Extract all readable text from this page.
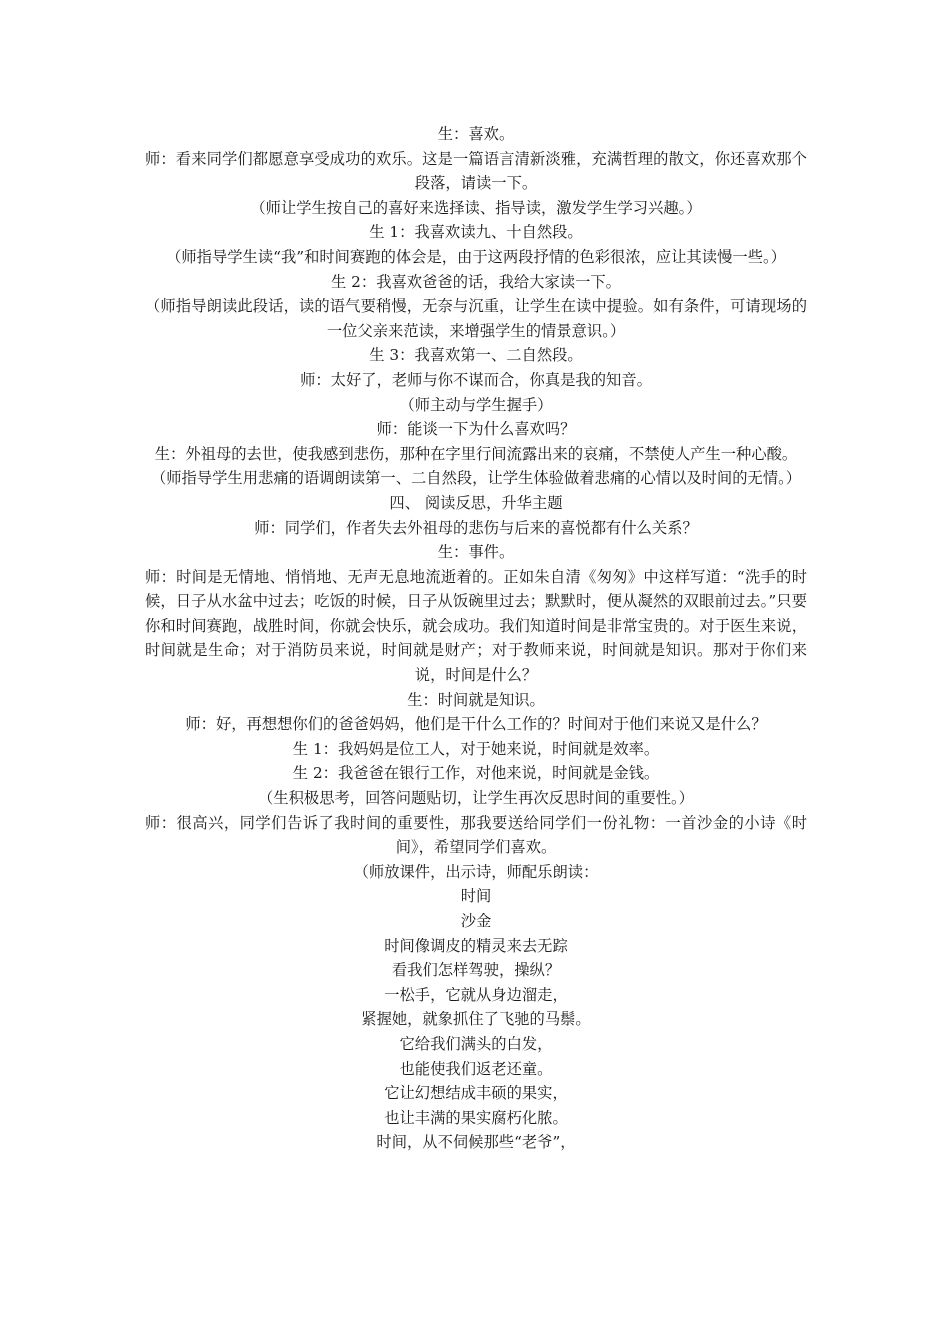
生：喜欢。

师：看来同学们都愿意享受成功的欢乐。这是一篇语言清新淡雅，充满哲理的散文，你还喜欢那个段落，请读一下。

（师让学生按自己的喜好来选择读、指导读，激发学生学习兴趣。）

生 1：我喜欢读九、十自然段。

（师指导学生读“我”和时间赛跑的体会是，由于这两段抒情的色彩很浓，应让其读慢一些。）

生 2：我喜欢爸爸的话，我给大家读一下。

（师指导朗读此段话，读的语气要稍慢，无奈与沉重，让学生在读中提验。如有条件，可请现场的一位父亲来范读，来增强学生的情景意识。）

生 3：我喜欢第一、二自然段。

师：太好了，老师与你不谋而合，你真是我的知音。

（师主动与学生握手）

师：能谈一下为什么喜欢吗？

生：外祖母的去世，使我感到悲伤，那种在字里行间流露出来的哀痛，不禁使人产生一种心酸。

（师指导学生用悲痛的语调朗读第一、二自然段，让学生体验做着悲痛的心情以及时间的无情。）

四、 阅读反思，升华主题

师：同学们，作者失去外祖母的悲伤与后来的喜悦都有什么关系？

生：事件。

师：时间是无情地、悄悄地、无声无息地流逝着的。正如朱自清《匆匆》中这样写道：“洗手的时候，日子从水盆中过去；吃饭的时候，日子从饭碗里过去；默默时，便从凝然的双眼前过去。”只要你和时间赛跑，战胜时间，你就会快乐，就会成功。我们知道时间是非常宝贵的。对于医生来说，时间就是生命；对于消防员来说，时间就是财产；对于教师来说，时间就是知识。那对于你们来说，时间是什么？

生：时间就是知识。

师：好，再想想你们的爸爸妈妈，他们是干什么工作的？时间对于他们来说又是什么？

生 1：我妈妈是位工人，对于她来说，时间就是效率。

生 2：我爸爸在银行工作，对他来说，时间就是金钱。

（生积极思考，回答问题贴切，让学生再次反思时间的重要性。）

师：很高兴，同学们告诉了我时间的重要性，那我要送给同学们一份礼物：一首沙金的小诗《时间》，希望同学们喜欢。

（师放课件，出示诗，师配乐朗读：

时间

沙金

时间像调皮的精灵来去无踪

看我们怎样驾驶，操纵？

一松手，它就从身边溜走，

紧握她，就象抓住了飞驰的马鬃。

它给我们满头的白发，

也能使我们返老还童。

它让幻想结成丰硕的果实，

也让丰满的果实腐朽化脓。

时间，从不伺候那些“老爷”，
